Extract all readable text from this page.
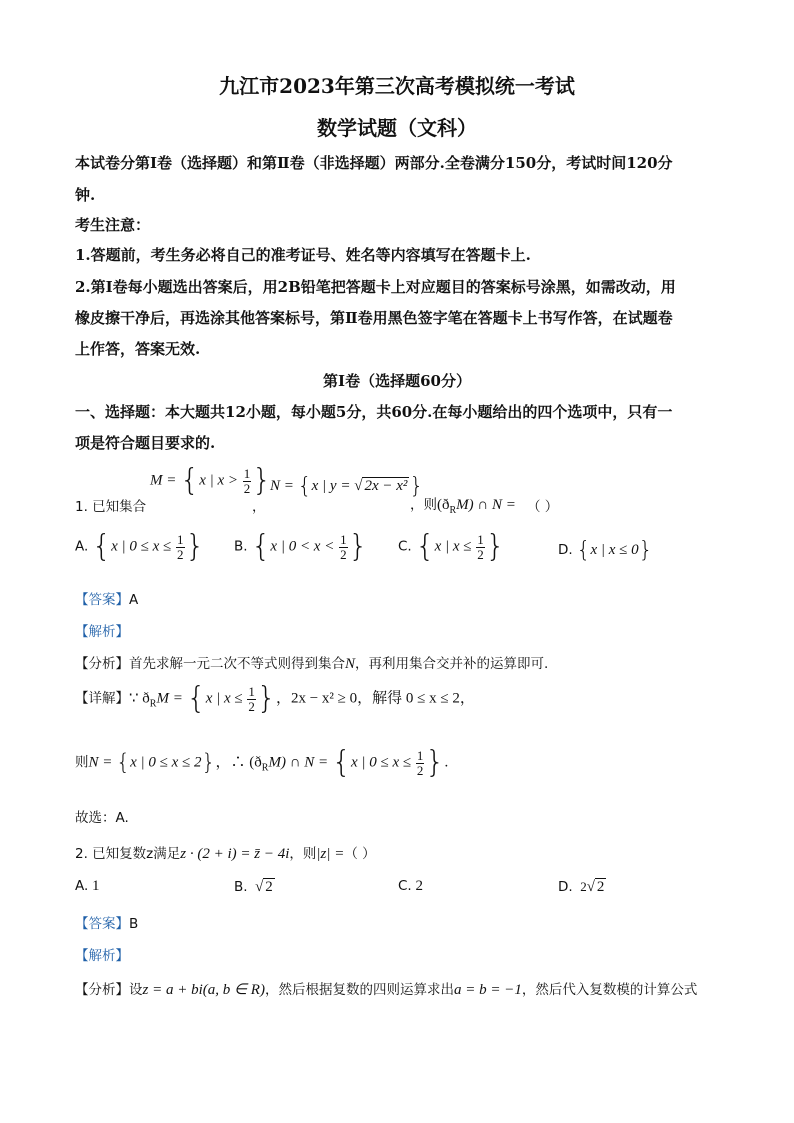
九江市2023年第三次高考模拟统一考试
数学试题（文科）
本试卷分第Ⅰ卷（选择题）和第Ⅱ卷（非选择题）两部分.全卷满分150分，考试时间120分
钟.
考生注意：
1.答题前，考生务必将自己的准考证号、姓名等内容填写在答题卡上.
2.第Ⅰ卷每小题选出答案后，用2B铅笔把答题卡上对应题目的答案标号涂黑，如需改动，用
橡皮擦干净后，再选涂其他答案标号，第Ⅱ卷用黑色签字笔在答题卡上书写作答，在试题卷
上作答，答案无效.
第Ⅰ卷（选择题60分）
一、选择题：本大题共12小题，每小题5分，共60分.在每小题给出的四个选项中，只有一
项是符合题目要求的.
1. 已知集合
M = {x | $x > \frac{1}{2}$ }
，
N = {x | y = √ 2x − x²}
，则$(ð_RM)$ ∩ N = （ ）
A. {x | $0 \le x \le \frac{1}{2}$ } B. {x | $0 < x < \frac{1}{2}$ } C. {x | $x \le \frac{1}{2}$ }	D. {x | x ≤ 0}
【答案】A
【解析】
【分析】首先求解一元二次不等式则得到集合N，再利用集合交并补的运算即可.
【详解】∵ $ð_RM = \{x$ | $x \le \frac{1}{2}$ }，2x − x² ≥ 0，解得 0 ≤ x ≤ 2，
则N = {x | 0 ≤ x ≤ 2}，∴ $(ð_RM)$ ∩ N = {x | $0 \le x \le \frac{1}{2}$ }.
故选：A.
2. 已知复数z满足z · (2 + i) = z̄ − 4i，则|z| =（ ）
A. 1	B.  √ 2	C. 2	D. 2√ 2
【答案】B
【解析】
【分析】设z = a + bi(a, b ∈ R)，然后根据复数的四则运算求出a = b = −1，然后代入复数模的计算公式
